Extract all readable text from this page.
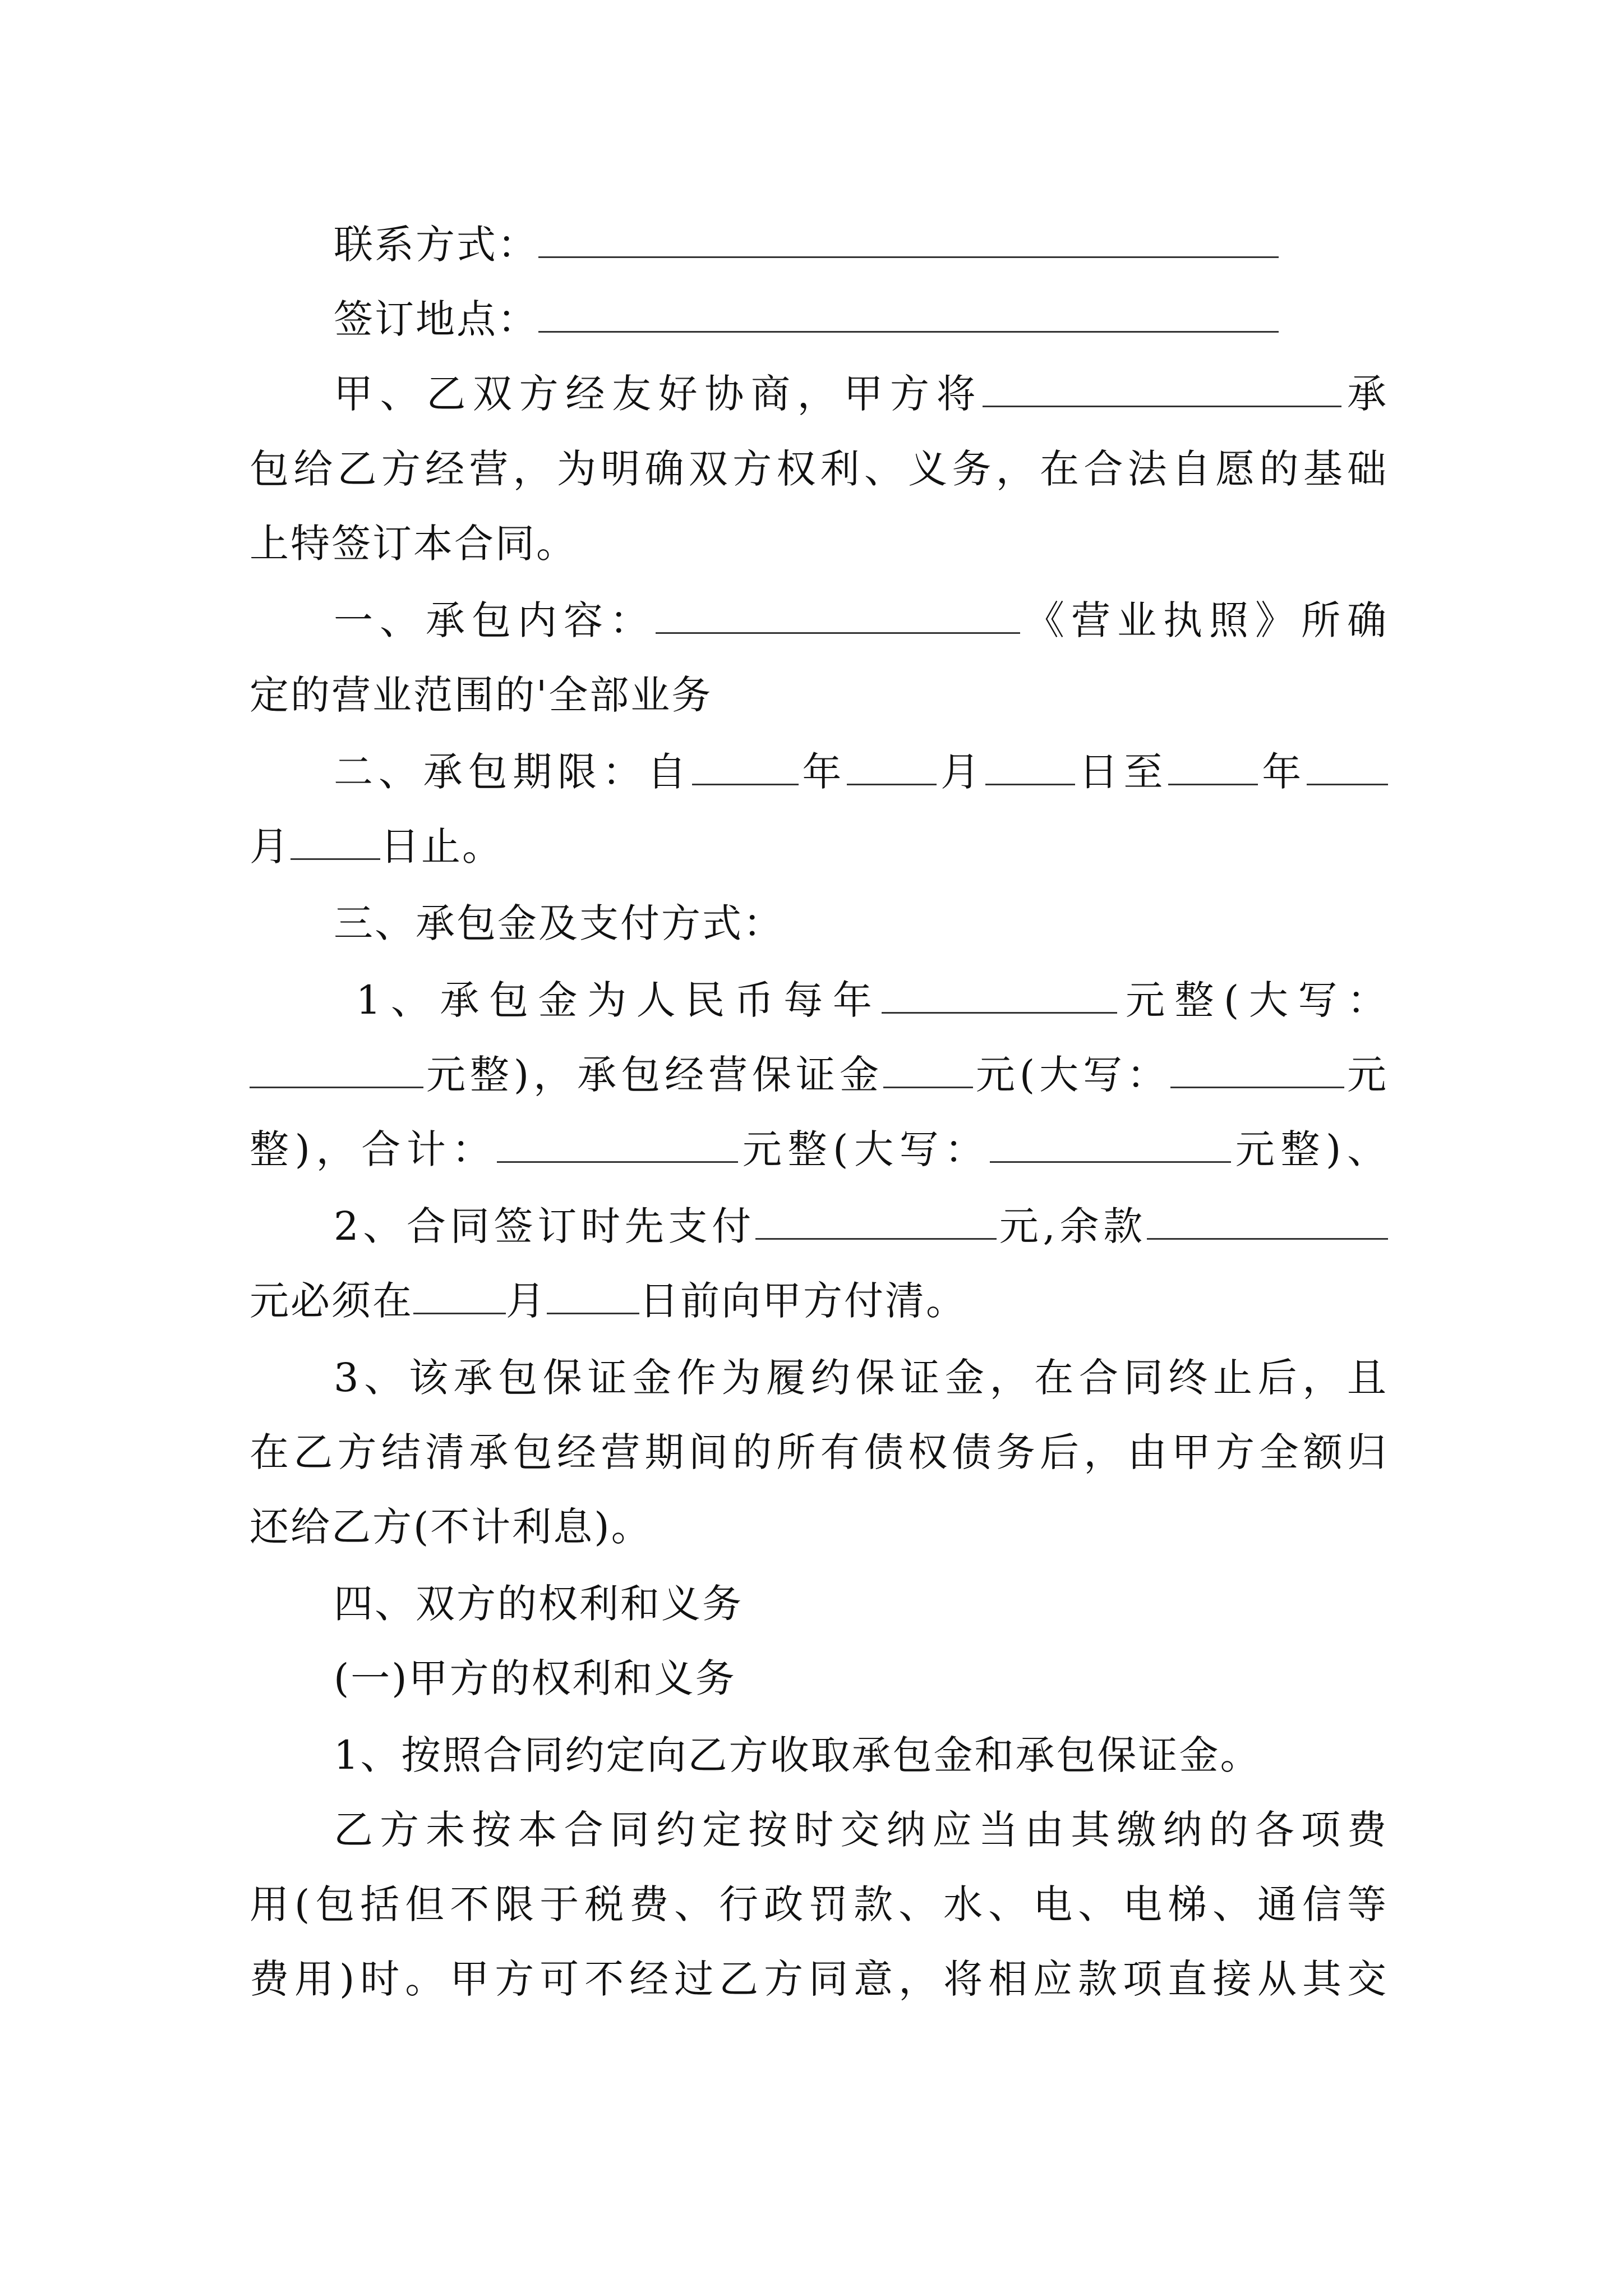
联系方式：
签订地点：
甲、乙双方经友好协商，甲方将	承
包给乙方经营，为明确双方权利、义务，在合法自愿的基础
上特签订本合同。
一、承包内容：	《营业执照》所确
定的营业范围的'全部业务
二、承包期限：自	年 月 日至 年
月 日止。
三、承包金及支付方式：
1、承包金为人民币每年	元整(大写：
元整)，承包经营保证金 元(大写：	元
整)，合计：	元整(大写：	元整)、
2、合同签订时先支付	元,余款
元必须在 月 日前向甲方付清。
3、该承包保证金作为履约保证金，在合同终止后，且
在乙方结清承包经营期间的所有债权债务后，由甲方全额归
还给乙方(不计利息)。
四、双方的权利和义务
(一)甲方的权利和义务
1、按照合同约定向乙方收取承包金和承包保证金。
乙方未按本合同约定按时交纳应当由其缴纳的各项费
用(包括但不限于税费、行政罚款、水、电、电梯、通信等
费用)时。甲方可不经过乙方同意，将相应款项直接从其交
